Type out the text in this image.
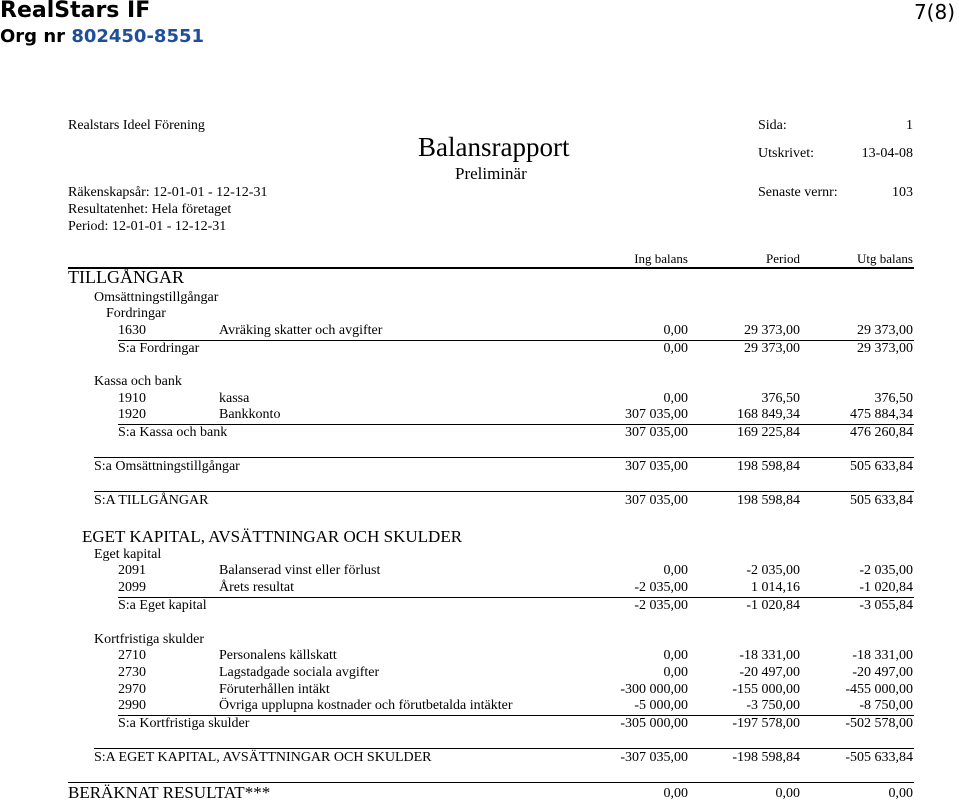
RealStars IF	7(8)
Org nr 802450-8551
Realstars Ideel Förening	Sida:	1
Balansrapport	Utskrivet:	13-04-08
Preliminär
Räkenskapsår: 12-01-01 - 12-12-31	Senaste vernr:	103
Resultatenhet: Hela företaget
Period: 12-01-01 - 12-12-31
Ing balans	Period	Utg balans
TILLGÅNGAR
Omsättningstillgångar
Fordringar
1630	Avräking skatter och avgifter	0,00	29 373,00	29 373,00
S:a Fordringar	0,00	29 373,00	29 373,00
Kassa och bank
1910	kassa	0,00	376,50	376,50
1920	Bankkonto	307 035,00	168 849,34	475 884,34
S:a Kassa och bank	307 035,00	169 225,84	476 260,84
S:a Omsättningstillgångar	307 035,00	198 598,84	505 633,84
S:A TILLGÅNGAR	307 035,00	198 598,84	505 633,84
EGET KAPITAL, AVSÄTTNINGAR OCH SKULDER
Eget kapital
2091	Balanserad vinst eller förlust	0,00	-2 035,00	-2 035,00
2099	Årets resultat	-2 035,00	1 014,16	-1 020,84
S:a Eget kapital	-2 035,00	-1 020,84	-3 055,84
Kortfristiga skulder
2710	Personalens källskatt	0,00	-18 331,00	-18 331,00
2730	Lagstadgade sociala avgifter	0,00	-20 497,00	-20 497,00
2970	Föruterhållen intäkt	-300 000,00	-155 000,00	-455 000,00
2990	Övriga upplupna kostnader och förutbetalda intäkter	-5 000,00	-3 750,00	-8 750,00
S:a Kortfristiga skulder	-305 000,00	-197 578,00	-502 578,00
S:A EGET KAPITAL, AVSÄTTNINGAR OCH SKULDER	-307 035,00	-198 598,84	-505 633,84
BERÄKNAT RESULTAT***	0,00	0,00	0,00
